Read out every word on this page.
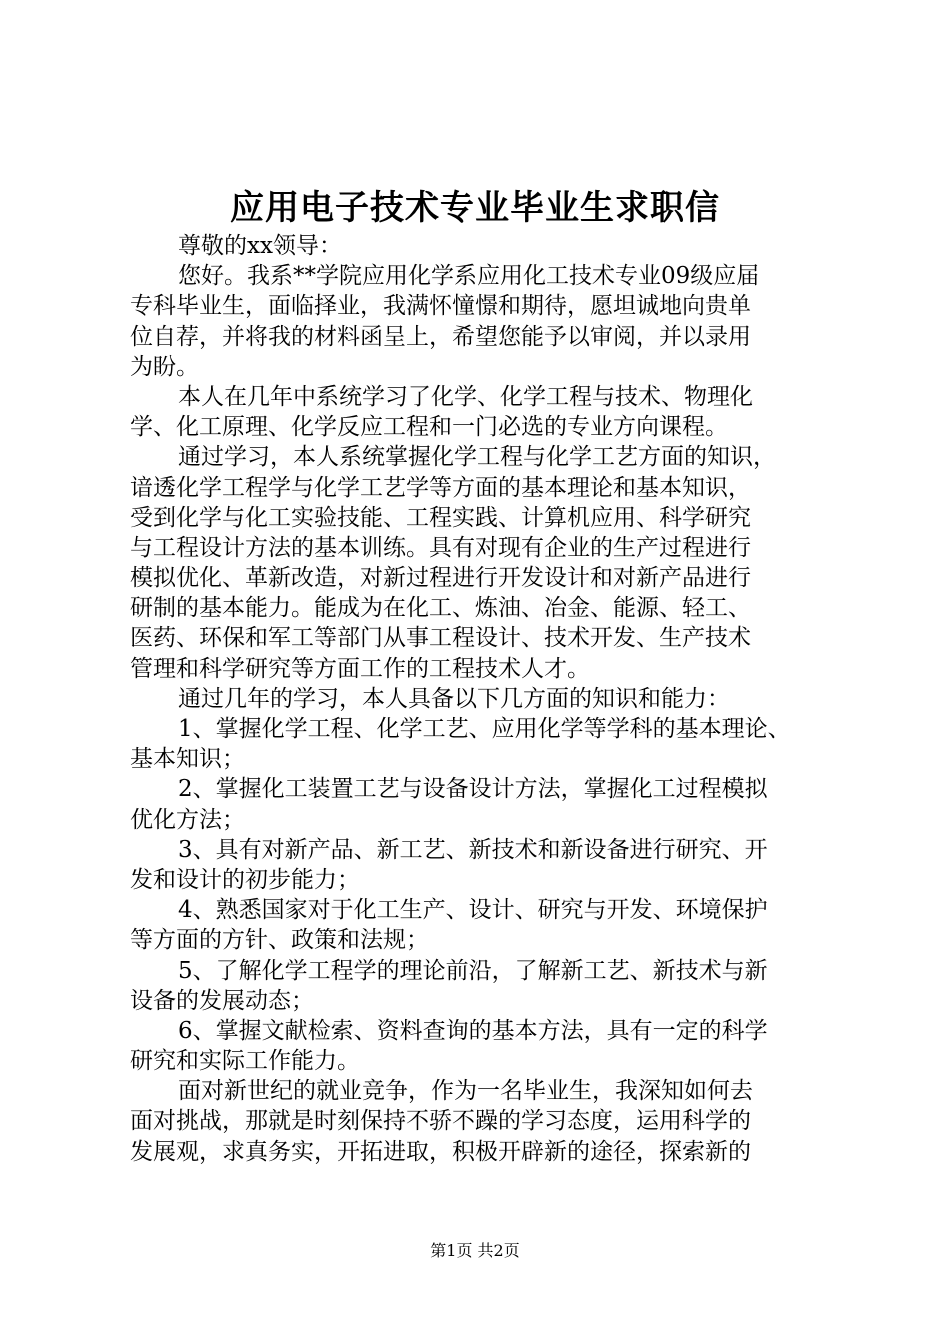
应用电子技术专业毕业生求职信
尊敬的xx领导：
您好。我系**学院应用化学系应用化工技术专业09级应届
专科毕业生，面临择业，我满怀憧憬和期待，愿坦诚地向贵单
位自荐，并将我的材料函呈上，希望您能予以审阅，并以录用
为盼。
本人在几年中系统学习了化学、化学工程与技术、物理化
学、化工原理、化学反应工程和一门必选的专业方向课程。
通过学习，本人系统掌握化学工程与化学工艺方面的知识，
谙透化学工程学与化学工艺学等方面的基本理论和基本知识，
受到化学与化工实验技能、工程实践、计算机应用、科学研究
与工程设计方法的基本训练。具有对现有企业的生产过程进行
模拟优化、革新改造，对新过程进行开发设计和对新产品进行
研制的基本能力。能成为在化工、炼油、冶金、能源、轻工、
医药、环保和军工等部门从事工程设计、技术开发、生产技术
管理和科学研究等方面工作的工程技术人才。
通过几年的学习，本人具备以下几方面的知识和能力：
1、掌握化学工程、化学工艺、应用化学等学科的基本理论、
基本知识；
2、掌握化工装置工艺与设备设计方法，掌握化工过程模拟
优化方法；
3、具有对新产品、新工艺、新技术和新设备进行研究、开
发和设计的初步能力；
4、熟悉国家对于化工生产、设计、研究与开发、环境保护
等方面的方针、政策和法规；
5、了解化学工程学的理论前沿，了解新工艺、新技术与新
设备的发展动态；
6、掌握文献检索、资料查询的基本方法，具有一定的科学
研究和实际工作能力。
面对新世纪的就业竞争，作为一名毕业生，我深知如何去
面对挑战，那就是时刻保持不骄不躁的学习态度，运用科学的
发展观，求真务实，开拓进取，积极开辟新的途径，探索新的
第1页 共2页
